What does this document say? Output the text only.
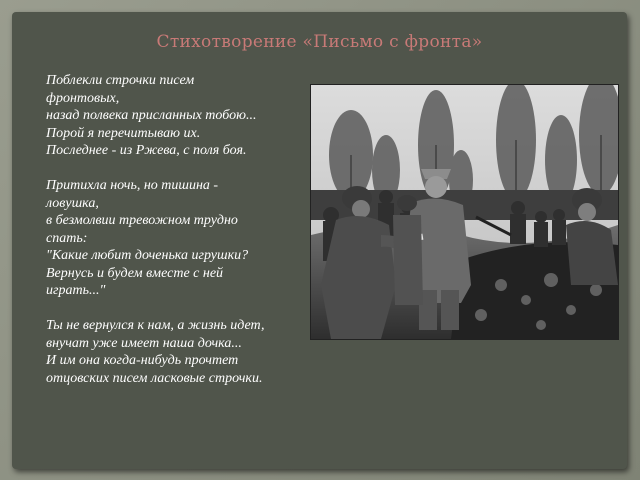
Стихотворение «Письмо с фронта»
Поблекли строчки писем
фронтовых,
назад полвека присланных тобою...
Порой я перечитываю их.
Последнее - из Ржева, с поля боя.
Притихла ночь, но тишина -
ловушка,
в безмолвии тревожном трудно
спать:
"Какие любит доченька игрушки?
Вернусь и будем вместе с ней
играть..."
Ты не вернулся к нам, а жизнь идет,
внучат уже имеет наша дочка...
И им она когда-нибудь прочтет
отцовских писем ласковые строчки.
